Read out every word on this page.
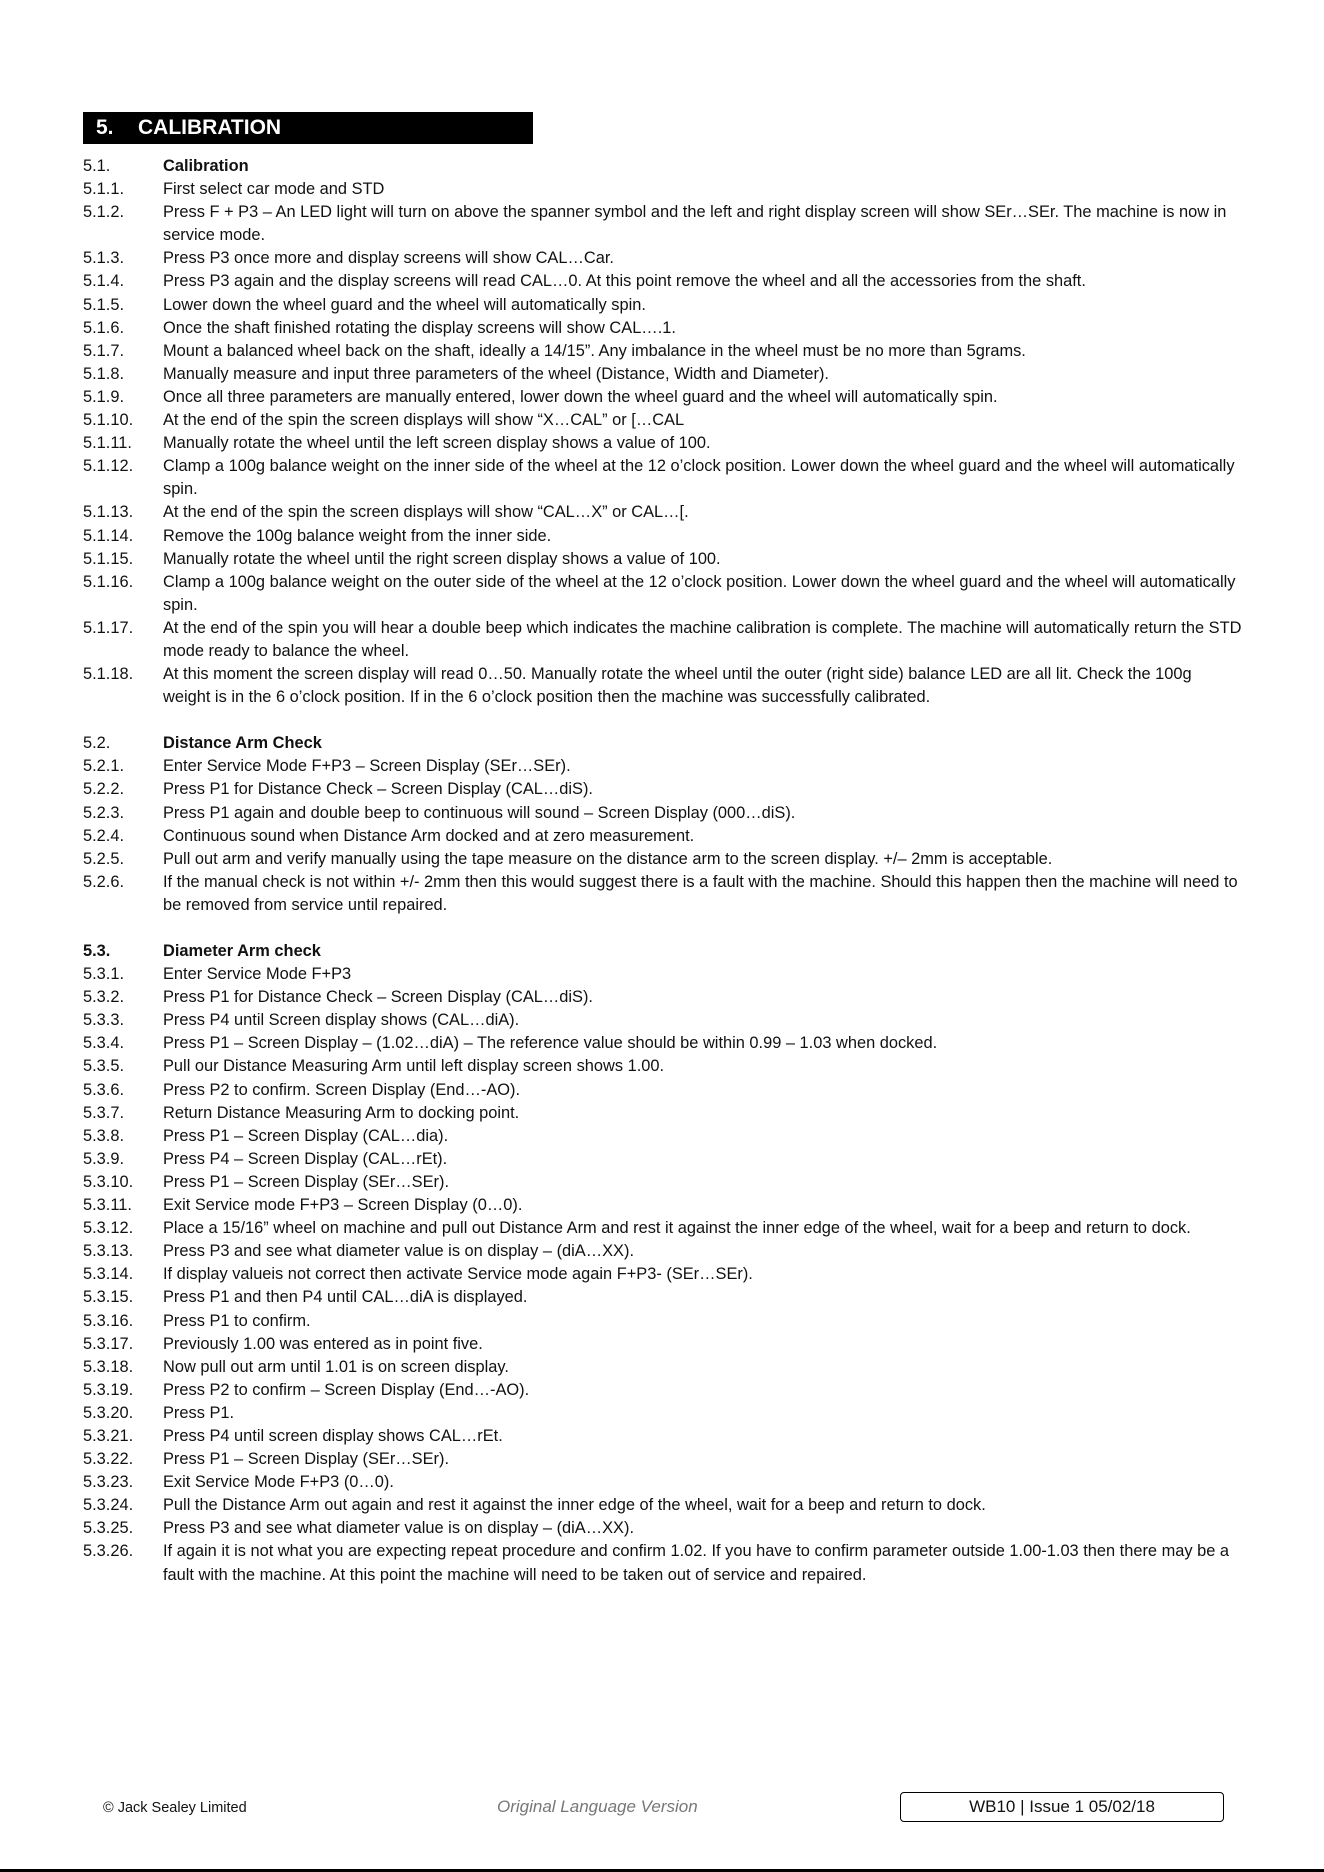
5.	CALIBRATION
5.1.	Calibration
5.1.1.	First select car mode and STD
5.1.2.	Press F + P3 – An LED light will turn on above the spanner symbol and the left and right display screen will show SEr…SEr. The machine is now in service mode.
5.1.3.	Press P3 once more and display screens will show CAL…Car.
5.1.4.	Press P3 again and the display screens will read CAL…0. At this point remove the wheel and all the accessories from the shaft.
5.1.5.	Lower down the wheel guard and the wheel will automatically spin.
5.1.6.	Once the shaft finished rotating the display screens will show CAL….1.
5.1.7.	Mount a balanced wheel back on the shaft, ideally a 14/15”. Any imbalance in the wheel must be no more than 5grams.
5.1.8.	Manually measure and input three parameters of the wheel (Distance, Width and Diameter).
5.1.9.	Once all three parameters are manually entered, lower down the wheel guard and the wheel will automatically spin.
5.1.10.	At the end of the spin the screen displays will show “X…CAL” or […CAL
5.1.11.	Manually rotate the wheel until the left screen display shows a value of 100.
5.1.12.	Clamp a 100g balance weight on the inner side of the wheel at the 12 o’clock position. Lower down the wheel guard and the wheel will automatically spin.
5.1.13.	At the end of the spin the screen displays will show “CAL…X” or CAL…[.
5.1.14.	Remove the 100g balance weight from the inner side.
5.1.15.	Manually rotate the wheel until the right screen display shows a value of 100.
5.1.16.	Clamp a 100g balance weight on the outer side of the wheel at the 12 o’clock position. Lower down the wheel guard and the wheel will automatically spin.
5.1.17.	At the end of the spin you will hear a double beep which indicates the machine calibration is complete. The machine will automatically return the STD mode ready to balance the wheel.
5.1.18.	At this moment the screen display will read 0…50. Manually rotate the wheel until the outer (right side) balance LED are all lit. Check the 100g weight is in the 6 o’clock position. If in the 6 o’clock position then the machine was successfully calibrated.
5.2.	Distance Arm Check
5.2.1.	Enter Service Mode F+P3 – Screen Display (SEr…SEr).
5.2.2.	Press P1 for Distance Check – Screen Display (CAL…diS).
5.2.3.	Press P1 again and double beep to continuous will sound – Screen Display (000…diS).
5.2.4.	Continuous sound when Distance Arm docked and at zero measurement.
5.2.5.	Pull out arm and verify manually using the tape measure on the distance arm to the screen display. +/– 2mm is acceptable.
5.2.6.	If the manual check is not within +/- 2mm then this would suggest there is a fault with the machine. Should this happen then the machine will need to be removed from service until repaired.
5.3.	Diameter Arm check
5.3.1.	Enter Service Mode F+P3
5.3.2.	Press P1 for Distance Check – Screen Display (CAL…diS).
5.3.3.	Press P4 until Screen display shows (CAL…diA).
5.3.4.	Press P1 – Screen Display – (1.02…diA) – The reference value should be within 0.99 – 1.03 when docked.
5.3.5.	Pull our Distance Measuring Arm until left display screen shows 1.00.
5.3.6.	Press P2 to confirm. Screen Display (End…-AO).
5.3.7.	Return Distance Measuring Arm to docking point.
5.3.8.	Press P1 – Screen Display (CAL…dia).
5.3.9.	Press P4 – Screen Display (CAL…rEt).
5.3.10.	Press P1 – Screen Display (SEr…SEr).
5.3.11.	Exit Service mode F+P3 – Screen Display (0…0).
5.3.12.	Place a 15/16” wheel on machine and pull out Distance Arm and rest it against the inner edge of the wheel, wait for a beep and return to dock.
5.3.13.	Press P3 and see what diameter value is on display – (diA…XX).
5.3.14.	If display valueis not correct then activate Service mode again F+P3- (SEr…SEr).
5.3.15.	Press P1 and then P4 until CAL…diA is displayed.
5.3.16.	Press P1 to confirm.
5.3.17.	Previously 1.00 was entered as in point five.
5.3.18.	Now pull out arm until 1.01 is on screen display.
5.3.19.	Press P2 to confirm – Screen Display (End…-AO).
5.3.20.	Press P1.
5.3.21.	Press P4 until screen display shows CAL…rEt.
5.3.22.	Press P1 – Screen Display (SEr…SEr).
5.3.23.	Exit Service Mode F+P3 (0…0).
5.3.24.	Pull the Distance Arm out again and rest it against the inner edge of the wheel, wait for a beep and return to dock.
5.3.25.	Press P3 and see what diameter value is on display – (diA…XX).
5.3.26.	If again it is not what you are expecting repeat procedure and confirm 1.02. If you have to confirm parameter outside 1.00-1.03 then there may be a fault with the machine. At this point the machine will need to be taken out of service and repaired.
© Jack Sealey Limited	Original Language Version	WB10 | Issue 1 05/02/18
